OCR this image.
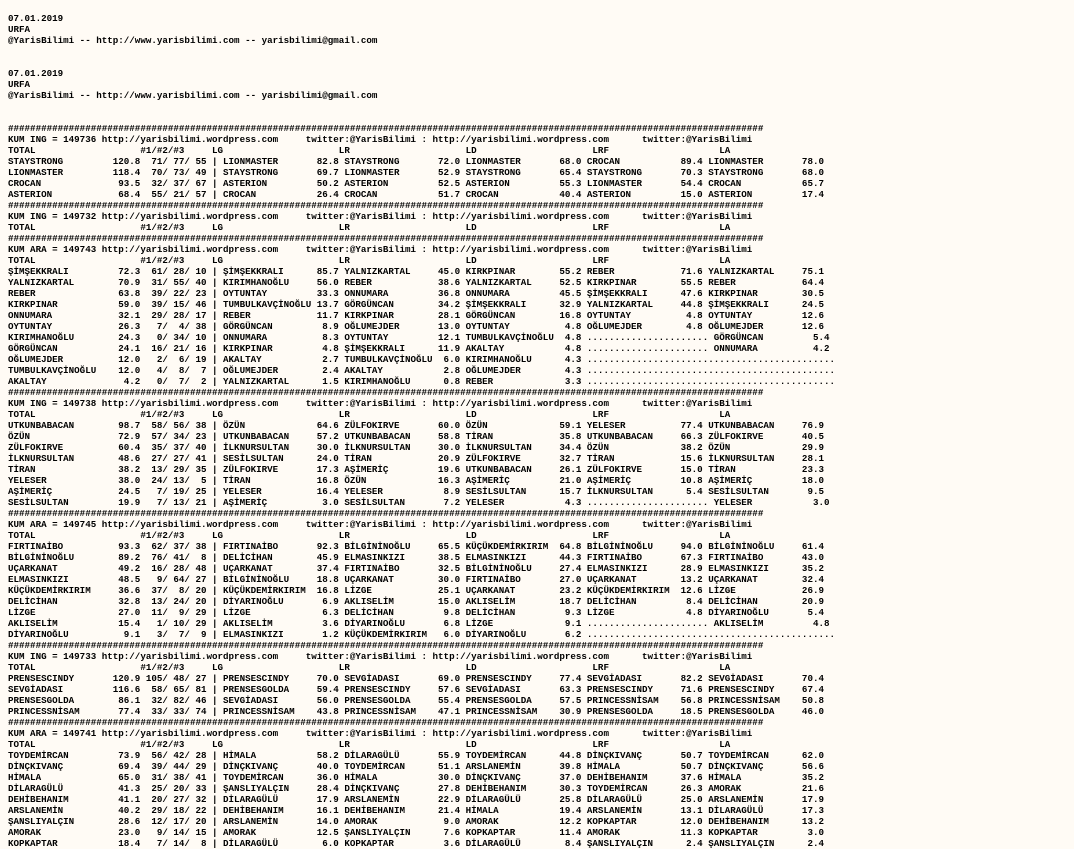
07.01.2019
URFA
@YarisBilimi -- http://www.yarisbilimi.com -- yarisbilimi@gmail.com
07.01.2019
URFA
@YarisBilimi -- http://www.yarisbilimi.com -- yarisbilimi@gmail.com
#########################################################################################################################################
KUM ING = 149736 http://yarisbilimi.wordpress.com     twitter:@YarisBilimi : http://yarisbilimi.wordpress.com      twitter:@YarisBilimi
TOTAL                   #1/#2/#3     LG                     LR                     LD                     LRF                    LA
STAYSTRONG         120.8  71/ 77/ 55 | LIONMASTER       82.8 STAYSTRONG       72.0 LIONMASTER       68.0 CROCAN           89.4 LIONMASTER       78.0
LIONMASTER         118.4  70/ 73/ 49 | STAYSTRONG       69.7 LIONMASTER       52.9 STAYSTRONG       65.4 STAYSTRONG       70.3 STAYSTRONG       68.0
CROCAN              93.5  32/ 37/ 67 | ASTERION         50.2 ASTERION         52.5 ASTERION         55.3 LIONMASTER       54.4 CROCAN           65.7
ASTERION            68.4  55/ 21/ 57 | CROCAN           26.4 CROCAN           51.7 CROCAN           40.4 ASTERION         15.0 ASTERION         17.4
#########################################################################################################################################
KUM ING = 149732 http://yarisbilimi.wordpress.com     twitter:@YarisBilimi : http://yarisbilimi.wordpress.com      twitter:@YarisBilimi
TOTAL                   #1/#2/#3     LG                     LR                     LD                     LRF                    LA
#########################################################################################################################################
KUM ARA = 149743 http://yarisbilimi.wordpress.com     twitter:@YarisBilimi : http://yarisbilimi.wordpress.com      twitter:@YarisBilimi
TOTAL                   #1/#2/#3     LG                     LR                     LD                     LRF                    LA
ŞİMŞEKKRALI         72.3  61/ 28/ 10 | ŞİMŞEKKRALI      85.7 YALNIZKARTAL     45.0 KIRKPINAR        55.2 REBER            71.6 YALNIZKARTAL     75.1
YALNIZKARTAL        70.9  31/ 55/ 40 | KIRIMHANOĞLU     56.0 REBER            38.6 YALNIZKARTAL     52.5 KIRKPINAR        55.5 REBER            64.4
REBER               63.8  39/ 22/ 23 | OYTUNTAY         33.3 ONNUMARA         36.8 ONNUMARA         45.5 ŞİMŞEKKRALI      47.6 KIRKPINAR        30.5
KIRKPINAR           59.0  39/ 15/ 46 | TUMBULKAVÇİNOĞLU 13.7 GÖRGÜNCAN        34.2 ŞİMŞEKKRALI      32.9 YALNIZKARTAL     44.8 ŞİMŞEKKRALI      24.5
ONNUMARA            32.1  29/ 28/ 17 | REBER            11.7 KIRKPINAR        28.1 GÖRGÜNCAN        16.8 OYTUNTAY          4.8 OYTUNTAY         12.6
OYTUNTAY            26.3   7/  4/ 38 | GÖRGÜNCAN         8.9 OĞLUMEJDER       13.0 OYTUNTAY          4.8 OĞLUMEJDER        4.8 OĞLUMEJDER       12.6
KIRIMHANOĞLU        24.3   0/ 34/ 10 | ONNUMARA          8.3 OYTUNTAY         12.1 TUMBULKAVÇİNOĞLU  4.8 ...................... GÖRGÜNCAN         5.4
GÖRGÜNCAN           24.1  16/ 21/ 16 | KIRKPINAR         4.8 ŞİMŞEKKRALI      11.9 AKALTAY           4.8 ...................... ONNUMARA          4.2
OĞLUMEJDER          12.0   2/  6/ 19 | AKALTAY           2.7 TUMBULKAVÇİNOĞLU  6.0 KIRIMHANOĞLU      4.3 .............................................
TUMBULKAVÇİNOĞLU    12.0   4/  8/  7 | OĞLUMEJDER        2.4 AKALTAY           2.8 OĞLUMEJDER        4.3 .............................................
AKALTAY              4.2   0/  7/  2 | YALNIZKARTAL      1.5 KIRIMHANOĞLU      0.8 REBER             3.3 .............................................
#########################################################################################################################################
KUM ING = 149738 http://yarisbilimi.wordpress.com     twitter:@YarisBilimi : http://yarisbilimi.wordpress.com      twitter:@YarisBilimi
TOTAL                   #1/#2/#3     LG                     LR                     LD                     LRF                    LA
UTKUNBABACAN        98.7  58/ 56/ 38 | ÖZÜN             64.6 ZÜLFOKIRVE       60.0 ÖZÜN             59.1 YELESER          77.4 UTKUNBABACAN     76.9
ÖZÜN                72.9  57/ 34/ 23 | UTKUNBABACAN     57.2 UTKUNBABACAN     58.8 TİRAN            35.8 UTKUNBABACAN     66.3 ZÜLFOKIRVE       40.5
ZÜLFOKIRVE          60.4  35/ 37/ 40 | İLKNURSULTAN     30.0 İLKNURSULTAN     30.0 İLKNURSULTAN     34.4 ÖZÜN             38.2 ÖZÜN             29.9
İLKNURSULTAN        48.6  27/ 27/ 41 | SESİLSULTAN      24.0 TİRAN            20.9 ZÜLFOKIRVE       32.7 TİRAN            15.6 İLKNURSULTAN     28.1
TİRAN               38.2  13/ 29/ 35 | ZÜLFOKIRVE       17.3 AŞİMERİÇ         19.6 UTKUNBABACAN     26.1 ZÜLFOKIRVE       15.0 TİRAN            23.3
YELESER             38.0  24/ 13/  5 | TİRAN            16.8 ÖZÜN             16.3 AŞİMERİÇ         21.0 AŞİMERİÇ         10.8 AŞİMERİÇ         18.0
AŞİMERİÇ            24.5   7/ 19/ 25 | YELESER          16.4 YELESER           8.9 SESİLSULTAN      15.7 İLKNURSULTAN      5.4 SESİLSULTAN       9.5
SESİLSULTAN         19.9   7/ 13/ 21 | AŞİMERİÇ          3.0 SESİLSULTAN       7.2 YELESER           4.3 ...................... YELESER           3.0
#########################################################################################################################################
KUM ARA = 149745 http://yarisbilimi.wordpress.com     twitter:@YarisBilimi : http://yarisbilimi.wordpress.com      twitter:@YarisBilimi
TOTAL                   #1/#2/#3     LG                     LR                     LD                     LRF                    LA
FIRTINAİBO          93.3  62/ 37/ 38 | FIRTINAİBO       92.3 BİLGİNİNOĞLU     65.5 KÜÇÜKDEMİRKIRIM  64.8 BİLGİNİNOĞLU     94.0 BİLGİNİNOĞLU     61.4
BİLGİNİNOĞLU        89.2  76/ 41/  8 | DELİCİHAN        45.9 ELMASINKIZI      38.5 ELMASINKIZI      44.3 FIRTINAİBO       67.3 FIRTINAİBO       43.0
UÇARKANAT           49.2  16/ 28/ 48 | UÇARKANAT        37.4 FIRTINAİBO       32.5 BİLGİNİNOĞLU     27.4 ELMASINKIZI      28.9 ELMASINKIZI      35.2
ELMASINKIZI         48.5   9/ 64/ 27 | BİLGİNİNOĞLU     18.8 UÇARKANAT        30.0 FIRTINAİBO       27.0 UÇARKANAT        13.2 UÇARKANAT        32.4
KÜÇÜKDEMİRKIRIM     36.6  37/  8/ 20 | KÜÇÜKDEMİRKIRIM  16.8 LİZGE            25.1 UÇARKANAT        23.2 KÜÇÜKDEMİRKIRIM  12.6 LİZGE            26.9
DELİCİHAN           32.8  13/ 24/ 20 | DİYARINOĞLU       6.9 AKLISELİM        15.0 AKLISELİM        18.7 DELİCİHAN         8.4 DELİCİHAN        20.9
LİZGE               27.0  11/  9/ 29 | LİZGE             6.3 DELİCİHAN         9.8 DELİCİHAN         9.3 LİZGE             4.8 DİYARINOĞLU       5.4
AKLISELİM           15.4   1/ 10/ 29 | AKLISELİM         3.6 DİYARINOĞLU       6.8 LİZGE             9.1 ...................... AKLISELİM         4.8
DİYARINOĞLU          9.1   3/  7/  9 | ELMASINKIZI       1.2 KÜÇÜKDEMİRKIRIM   6.0 DİYARINOĞLU       6.2 .............................................
#########################################################################################################################################
KUM ING = 149733 http://yarisbilimi.wordpress.com     twitter:@YarisBilimi : http://yarisbilimi.wordpress.com      twitter:@YarisBilimi
TOTAL                   #1/#2/#3     LG                     LR                     LD                     LRF                    LA
PRENSESCINDY       120.9 105/ 48/ 27 | PRENSESCINDY     70.0 SEVGİADASI       69.0 PRENSESCINDY     77.4 SEVGİADASI       82.2 SEVGİADASI       70.4
SEVGİADASI         116.6  58/ 65/ 81 | PRENSESGOLDA     59.4 PRENSESCINDY     57.6 SEVGİADASI       63.3 PRENSESCINDY     71.6 PRENSESCINDY     67.4
PRENSESGOLDA        86.1  32/ 82/ 46 | SEVGİADASI       56.0 PRENSESGOLDA     55.4 PRENSESGOLDA     57.5 PRINCESSNİSAM    56.8 PRINCESSNİSAM    50.8
PRINCESSNİSAM       77.4  33/ 33/ 74 | PRINCESSNİSAM    43.8 PRINCESSNİSAM    47.1 PRINCESSNİSAM    30.9 PRENSESGOLDA     18.5 PRENSESGOLDA     46.0
#########################################################################################################################################
KUM ARA = 149741 http://yarisbilimi.wordpress.com     twitter:@YarisBilimi : http://yarisbilimi.wordpress.com      twitter:@YarisBilimi
TOTAL                   #1/#2/#3     LG                     LR                     LD                     LRF                    LA
TOYDEMİRCAN         73.9  56/ 42/ 28 | HİMALA           58.2 DİLARAGÜLÜ       55.9 TOYDEMİRCAN      44.8 DİNÇKIVANÇ       50.7 TOYDEMİRCAN      62.0
DİNÇKIVANÇ          69.4  39/ 44/ 29 | DİNÇKIVANÇ       40.0 TOYDEMİRCAN      51.1 ARSLANEMİN       39.8 HİMALA           50.7 DİNÇKIVANÇ       56.6
HİMALA              65.0  31/ 38/ 41 | TOYDEMİRCAN      36.0 HİMALA           30.0 DİNÇKIVANÇ       37.0 DEHİBEHANIM      37.6 HİMALA           35.2
DİLARAGÜLÜ          41.3  25/ 20/ 33 | ŞANSLIYALÇIN     28.4 DİNÇKIVANÇ       27.8 DEHİBEHANIM      30.3 TOYDEMİRCAN      26.3 AMORAK           21.6
DEHİBEHANIM         41.1  20/ 27/ 32 | DİLARAGÜLÜ       17.9 ARSLANEMİN       22.9 DİLARAGÜLÜ       25.8 DİLARAGÜLÜ       25.0 ARSLANEMİN       17.9
ARSLANEMİN          40.2  29/ 18/ 22 | DEHİBEHANIM      16.1 DEHİBEHANIM      21.4 HİMALA           19.4 ARSLANEMİN       13.1 DİLARAGÜLÜ       17.3
ŞANSLIYALÇIN        28.6  12/ 17/ 20 | ARSLANEMİN       14.0 AMORAK            9.0 AMORAK           12.2 KOPKAPTAR        12.0 DEHİBEHANIM      13.2
AMORAK              23.0   9/ 14/ 15 | AMORAK           12.5 ŞANSLIYALÇIN      7.6 KOPKAPTAR        11.4 AMORAK           11.3 KOPKAPTAR         3.0
KOPKAPTAR           18.4   7/ 14/  8 | DİLARAGÜLÜ        6.0 KOPKAPTAR         3.6 DİLARAGÜLÜ        8.4 ŞANSLIYALÇIN      2.4 ŞANSLIYALÇIN      2.4
